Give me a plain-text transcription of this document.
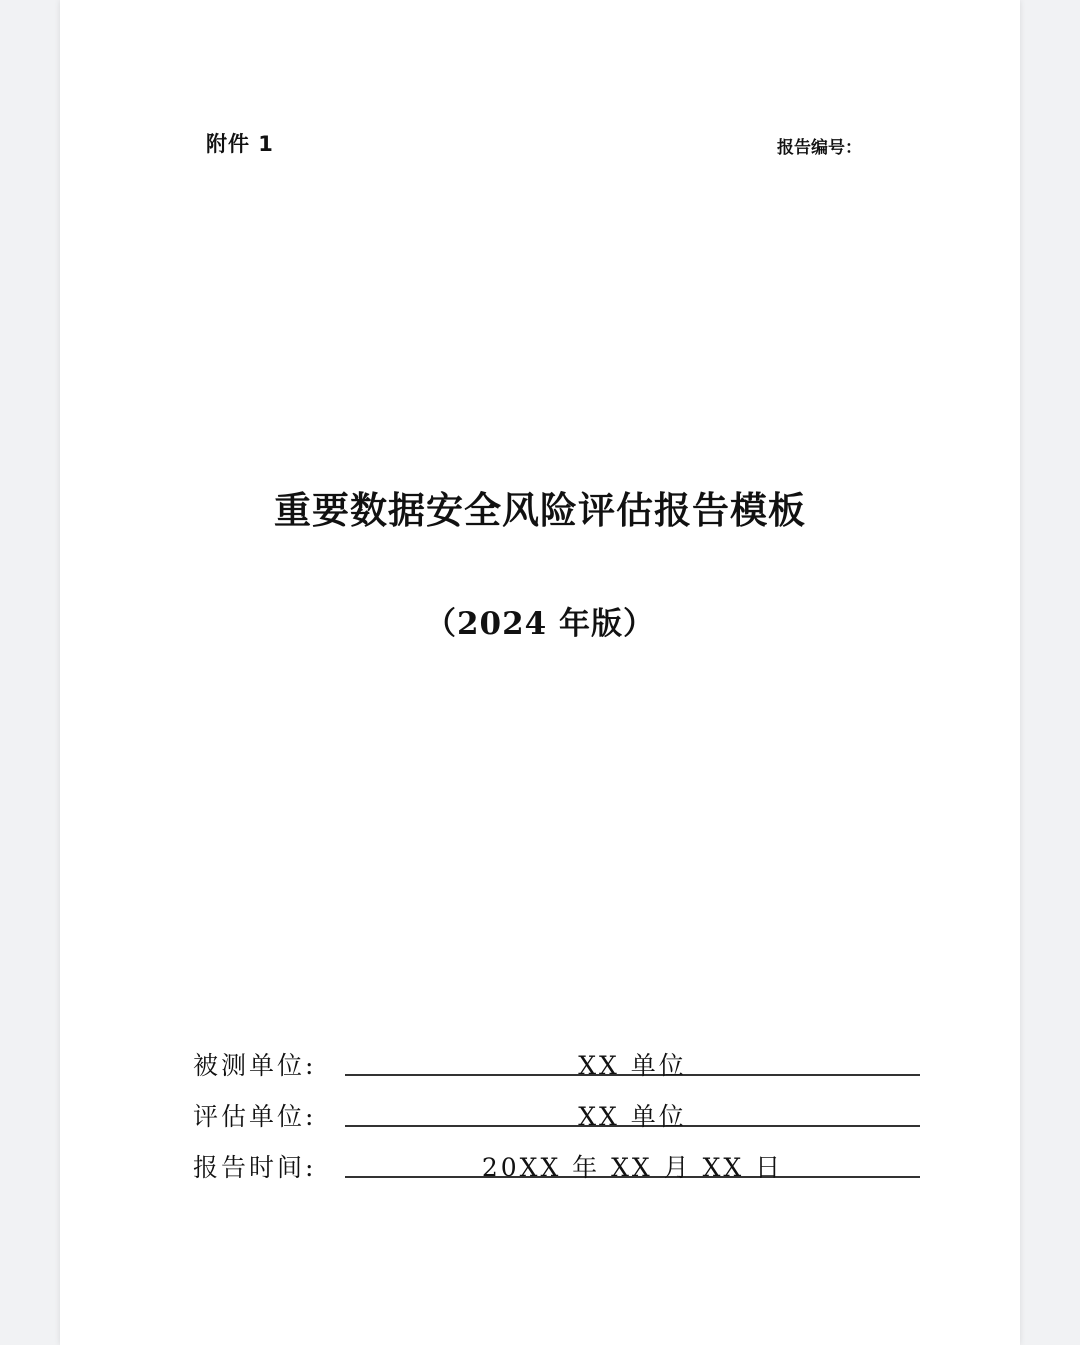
附件 1	报告编号：
重要数据安全风险评估报告模板
（2024 年版）
被测单位:	XX 单位
评估单位:	XX 单位
报告时间:	20XX 年 XX 月 XX 日
